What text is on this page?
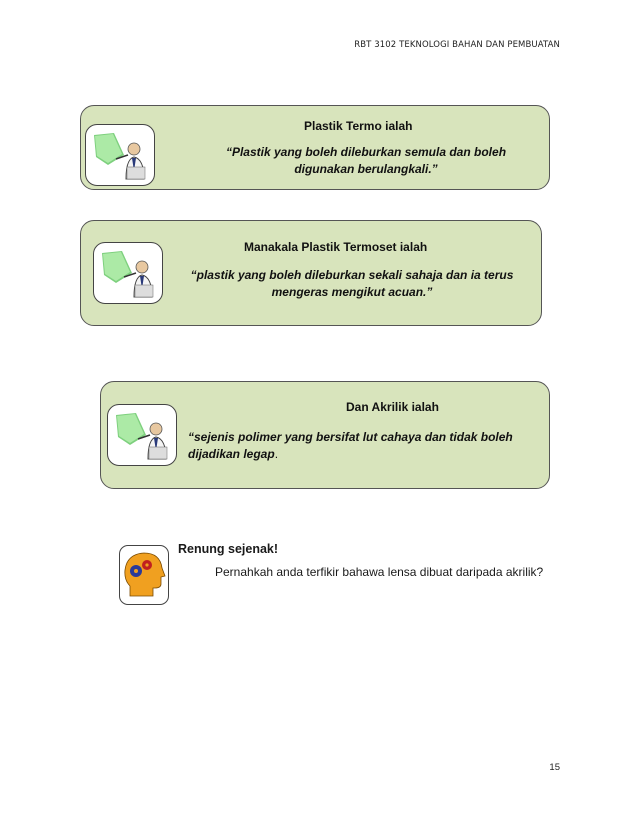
RBT 3102 TEKNOLOGI BAHAN DAN PEMBUATAN
Plastik Termo ialah
“Plastik yang boleh dileburkan semula dan boleh
digunakan berulangkali.”
Manakala Plastik Termoset ialah
“plastik yang boleh dileburkan sekali sahaja dan ia terus
mengeras mengikut acuan.”
Dan Akrilik ialah
“sejenis polimer yang bersifat lut cahaya dan tidak boleh
dijadikan legap.
Renung sejenak!
Pernahkah anda terfikir bahawa lensa dibuat daripada akrilik?
15
